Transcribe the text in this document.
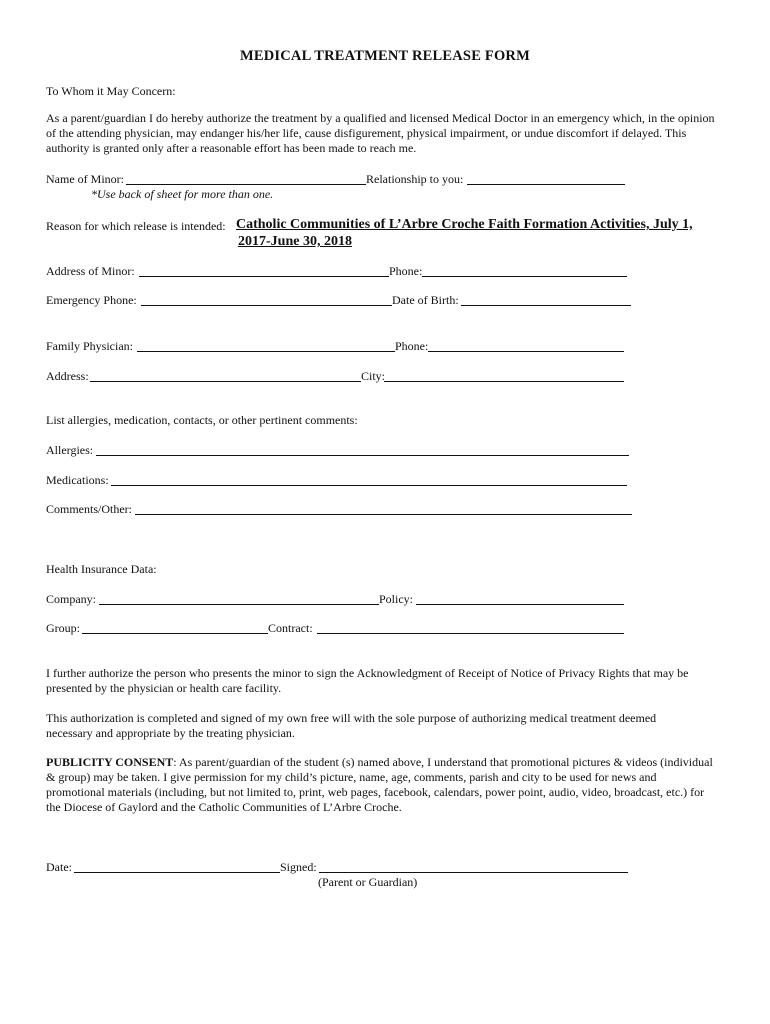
MEDICAL TREATMENT RELEASE FORM
To Whom it May Concern:
As a parent/guardian I do hereby authorize the treatment by a qualified and licensed Medical Doctor in an emergency which, in the opinion of the attending physician, may endanger his/her life, cause disfigurement, physical impairment, or undue discomfort if delayed. This authority is granted only after a reasonable effort has been made to reach me.
Name of Minor:	Relationship to you:
*Use back of sheet for more than one.
Reason for which release is intended: Catholic Communities of L’Arbre Croche Faith Formation Activities, July 1,
2017-June 30, 2018
Address of Minor:	Phone:
Emergency Phone:	Date of Birth:
Family Physician:	Phone:
Address:	City:
List allergies, medication, contacts, or other pertinent comments:
Allergies:
Medications:
Comments/Other:
Health Insurance Data:
Company:	Policy:
Group:	Contract:
I further authorize the person who presents the minor to sign the Acknowledgment of Receipt of Notice of Privacy Rights that may be presented by the physician or health care facility.
This authorization is completed and signed of my own free will with the sole purpose of authorizing medical treatment deemed necessary and appropriate by the treating physician.
PUBLICITY CONSENT: As parent/guardian of the student (s) named above, I understand that promotional pictures & videos (individual & group) may be taken. I give permission for my child’s picture, name, age, comments, parish and city to be used for news and promotional materials (including, but not limited to, print, web pages, facebook, calendars, power point, audio, video, broadcast, etc.) for the Diocese of Gaylord and the Catholic Communities of L’Arbre Croche.
Date:	Signed:
(Parent or Guardian)
